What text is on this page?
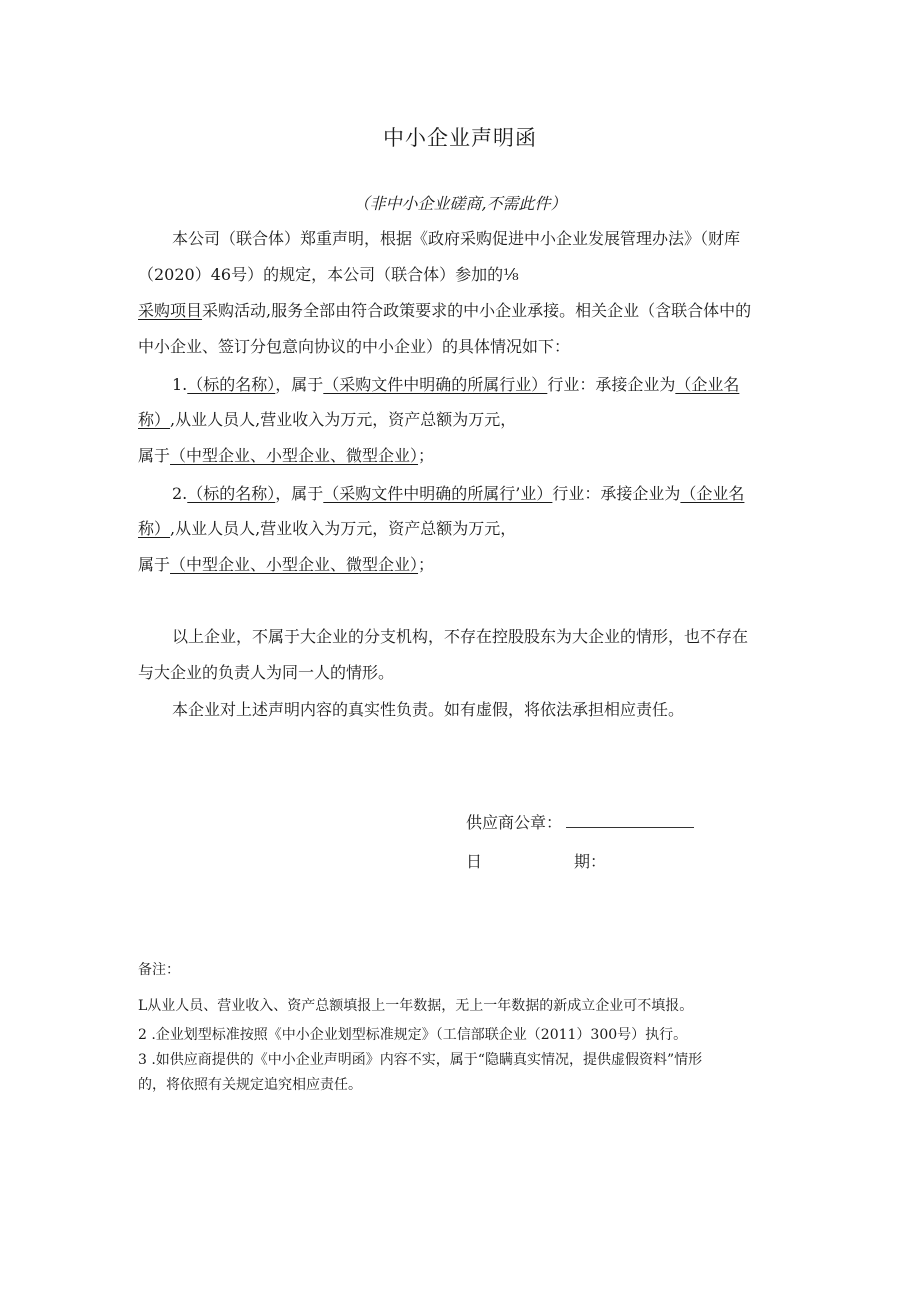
中小企业声明函
（非中小企业磋商,不需此件）
本公司（联合体）郑重声明，根据《政府采购促进中小企业发展管理办法》（财库
（2020）46号）的规定，本公司（联合体）参加的⅛
采购项目采购活动,服务全部由符合政策要求的中小企业承接。相关企业（含联合体中的
中小企业、签订分包意向协议的中小企业）的具体情况如下：
1.（标的名称），属于（采购文件中明确的所属行业）行业：承接企业为（企业名
称）,从业人员人,营业收入为万元，资产总额为万元，
属于（中型企业、小型企业、微型企业）；
2.（标的名称），属于（采购文件中明确的所属行’业）行业：承接企业为（企业名
称）,从业人员人,营业收入为万元，资产总额为万元，
属于（中型企业、小型企业、微型企业）；
以上企业，不属于大企业的分支机构，不存在控股股东为大企业的情形，也不存在
与大企业的负责人为同一人的情形。
本企业对上述声明内容的真实性负责。如有虚假，将依法承担相应责任。
供应商公章：
日	期：
备注：
L从业人员、营业收入、资产总额填报上一年数据，无上一年数据的新成立企业可不填报。
2 .企业划型标准按照《中小企业划型标准规定》（工信部联企业（2011）300号）执行。
3 .如供应商提供的《中小企业声明函》内容不实，属于“隐瞒真实情况，提供虚假资料”情形
的，将依照有关规定追究相应责任。
